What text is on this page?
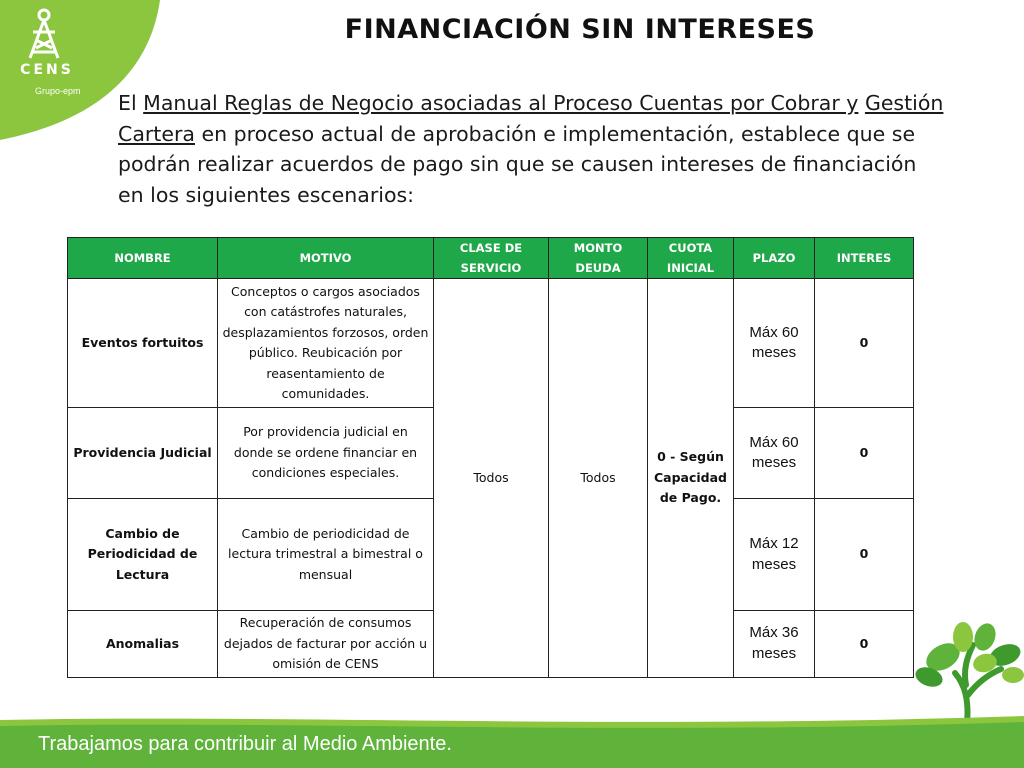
CENS
Grupo-epm
FINANCIACIÓN SIN INTERESES

El Manual Reglas de Negocio asociadas al Proceso Cuentas por Cobrar y Gestión Cartera en proceso actual de aprobación e implementación, establece que se podrán realizar acuerdos de pago sin que se causen intereses de financiación en los siguientes escenarios:

NOMBRE	MOTIVO	CLASE DE SERVICIO	MONTO DEUDA	CUOTA INICIAL	PLAZO	INTERES
Eventos fortuitos	Conceptos o cargos asociados con catástrofes naturales, desplazamientos forzosos, orden público. Reubicación por reasentamiento de comunidades.	Todos	Todos	0 - Según Capacidad de Pago.	Máx 60 meses	0
Providencia Judicial	Por providencia judicial en donde se ordene financiar en condiciones especiales.				Máx 60 meses	0
Cambio de Periodicidad de Lectura	Cambio de periodicidad de lectura trimestral a bimestral o mensual				Máx 12 meses	0
Anomalias	Recuperación de consumos dejados de facturar por acción u omisión de CENS				Máx 36 meses	0
Trabajamos para contribuir al Medio Ambiente.
